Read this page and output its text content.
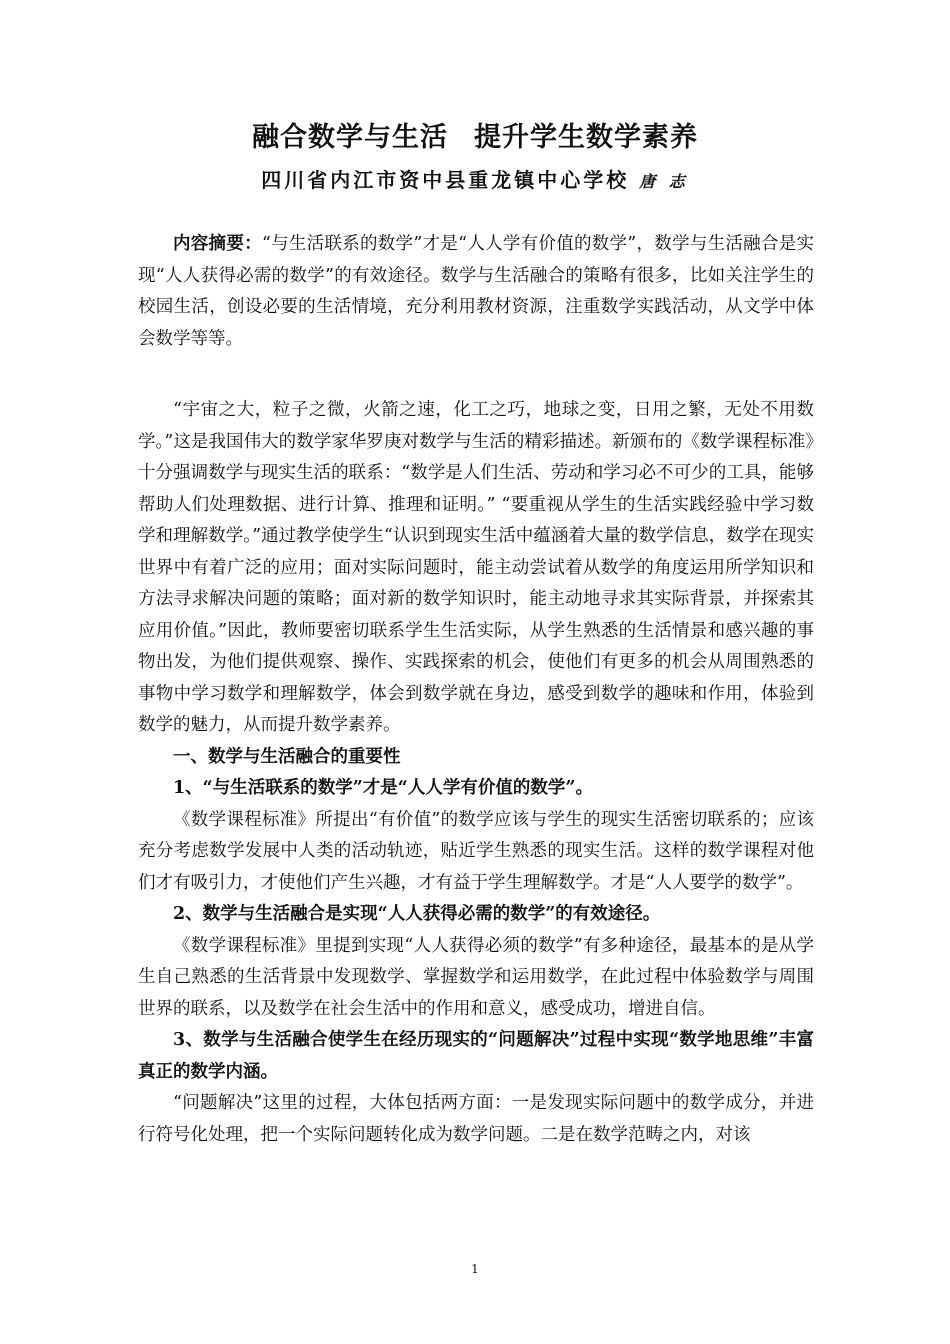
融合数学与生活 提升学生数学素养
四川省内江市资中县重龙镇中心学校 唐 志

内容摘要：“与生活联系的数学”才是“人人学有价值的数学”，数学与生活融合是实现“人人获得必需的数学”的有效途径。数学与生活融合的策略有很多，比如关注学生的校园生活，创设必要的生活情境，充分利用教材资源，注重数学实践活动，从文学中体会数学等等。

“宇宙之大，粒子之微，火箭之速，化工之巧，地球之变，日用之繁，无处不用数学。”这是我国伟大的数学家华罗庚对数学与生活的精彩描述。新颁布的《数学课程标准》十分强调数学与现实生活的联系：“数学是人们生活、劳动和学习必不可少的工具，能够帮助人们处理数据、进行计算、推理和证明。” “要重视从学生的生活实践经验中学习数学和理解数学。”通过教学使学生“认识到现实生活中蕴涵着大量的数学信息，数学在现实世界中有着广泛的应用；面对实际问题时，能主动尝试着从数学的角度运用所学知识和方法寻求解决问题的策略；面对新的数学知识时，能主动地寻求其实际背景，并探索其应用价值。”因此，教师要密切联系学生生活实际，从学生熟悉的生活情景和感兴趣的事物出发，为他们提供观察、操作、实践探索的机会，使他们有更多的机会从周围熟悉的事物中学习数学和理解数学，体会到数学就在身边，感受到数学的趣味和作用，体验到数学的魅力，从而提升数学素养。

一、数学与生活融合的重要性

1、“与生活联系的数学”才是“人人学有价值的数学”。

《数学课程标准》所提出“有价值”的数学应该与学生的现实生活密切联系的；应该充分考虑数学发展中人类的活动轨迹，贴近学生熟悉的现实生活。这样的数学课程对他们才有吸引力，才使他们产生兴趣，才有益于学生理解数学。才是“人人要学的数学”。

2、数学与生活融合是实现“人人获得必需的数学”的有效途径。

《数学课程标准》里提到实现“人人获得必须的数学”有多种途径，最基本的是从学生自己熟悉的生活背景中发现数学、掌握数学和运用数学，在此过程中体验数学与周围世界的联系，以及数学在社会生活中的作用和意义，感受成功，增进自信。

3、数学与生活融合使学生在经历现实的“问题解决”过程中实现“数学地思维”丰富真正的数学内涵。

“问题解决”这里的过程，大体包括两方面：一是发现实际问题中的数学成分，并进行符号化处理，把一个实际问题转化成为数学问题。二是在数学范畴之内，对该

1
